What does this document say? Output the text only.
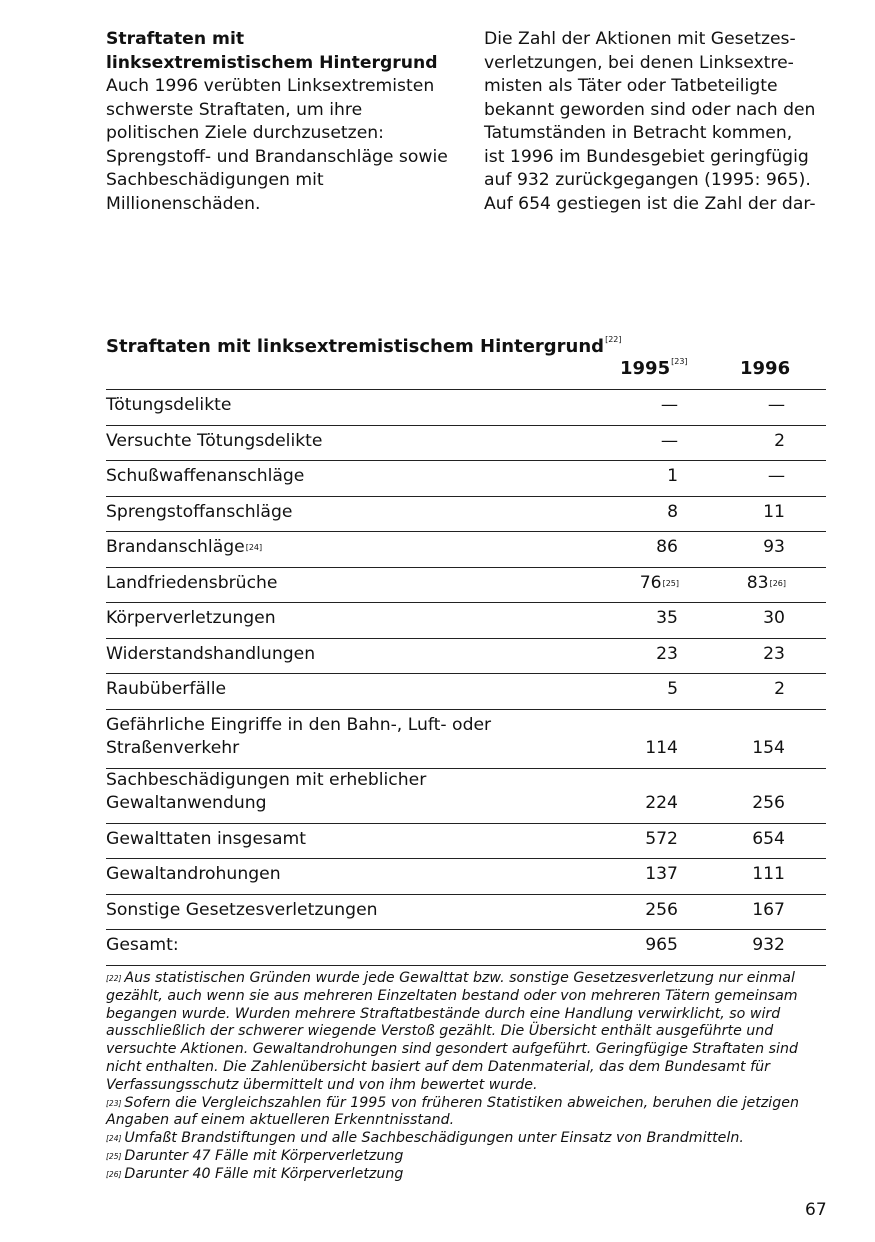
Straftaten mit linksextremistischem Hintergrund

Auch 1996 verübten Linksextremisten schwerste Straftaten, um ihre politischen Ziele durchzusetzen: Sprengstoff- und Brandanschläge sowie Sachbeschädigungen mit Millionenschäden.

Die Zahl der Aktionen mit Gesetzes-
verletzungen, bei denen Linksextre-
misten als Täter oder Tatbeteiligte
bekannt geworden sind oder nach den
Tatumständen in Betracht kommen,
ist 1996 im Bundesgebiet geringfügig
auf 932 zurückgegangen (1995: 965).
Auf 654 gestiegen ist die Zahl der dar-

Straftaten mit linksextremistischem Hintergrund[22]
1995[23]	1996
Tötungsdelikte	—	—

Versuchte Tötungsdelikte	—	2

Schußwaffenanschläge	1	—

Sprengstoffanschläge	8	11

Brandanschläge[24]	86	93

Landfriedensbrüche	76[25]	83[26]

Körperverletzungen	35	30

Widerstandshandlungen	23	23

Raubüberfälle	5	2

Gefährliche Eingriffe in den Bahn-, Luft- oder
Straßenverkehr	114	154

Sachbeschädigungen mit erheblicher Gewaltanwendung	224	256

Gewalttaten insgesamt	572	654

Gewaltandrohungen	137	111

Sonstige Gesetzesverletzungen	256	167

Gesamt:	965	932

[22] Aus statistischen Gründen wurde jede Gewalttat bzw. sonstige Gesetzesverletzung nur einmal gezählt, auch wenn sie aus mehreren Einzeltaten bestand oder von mehreren Tätern gemeinsam begangen wurde. Wurden mehrere Straftatbestände durch eine Handlung verwirklicht, so wird ausschließlich der schwerer wiegende Verstoß gezählt. Die Übersicht enthält ausgeführte und versuchte Aktionen. Gewaltandrohungen sind gesondert aufgeführt. Geringfügige Straftaten sind nicht enthalten. Die Zahlenübersicht basiert auf dem Datenmaterial, das dem Bundesamt für Verfassungsschutz übermittelt und von ihm bewertet wurde.

[23] Sofern die Vergleichszahlen für 1995 von früheren Statistiken abweichen, beruhen die jetzigen Angaben auf einem aktuelleren Erkenntnisstand.

[24] Umfaßt Brandstiftungen und alle Sachbeschädigungen unter Einsatz von Brandmitteln.

[25] Darunter 47 Fälle mit Körperverletzung

[26] Darunter 40 Fälle mit Körperverletzung

67
